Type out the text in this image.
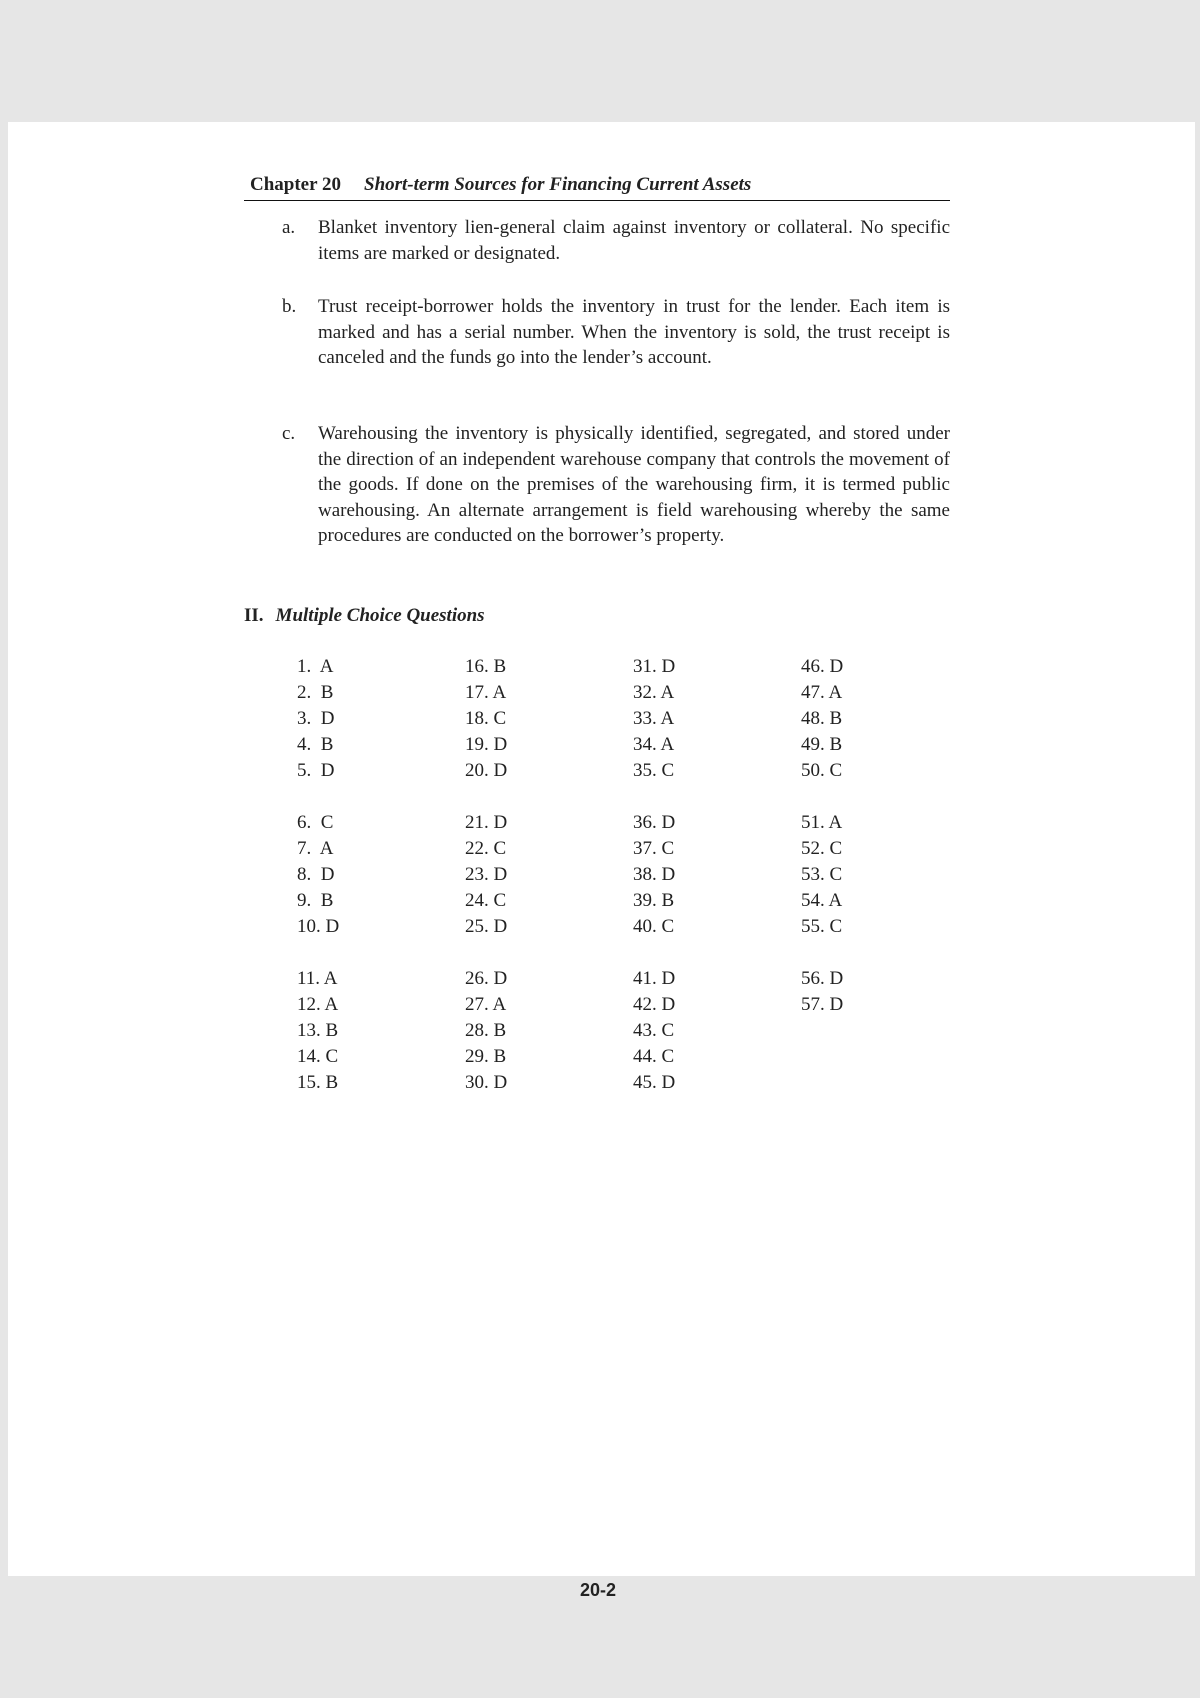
Chapter 20 Short-term Sources for Financing Current Assets
a. Blanket inventory lien-general claim against inventory or collateral. No specific items are marked or designated.
b. Trust receipt-borrower holds the inventory in trust for the lender. Each item is marked and has a serial number. When the inventory is sold, the trust receipt is canceled and the funds go into the lender’s account.
c. Warehousing the inventory is physically identified, segregated, and stored under the direction of an independent warehouse company that controls the movement of the goods. If done on the premises of the warehousing firm, it is termed public warehousing. An alternate arrangement is field warehousing whereby the same procedures are conducted on the borrower’s property.
II. Multiple Choice Questions
1.  A
2.  B
3.  D
4.  B
5.  D
6.  C
7.  A
8.  D
9.  B
10. D
11. A
12. A
13. B
14. C
15. B
16. B
17. A
18. C
19. D
20. D
21. D
22. C
23. D
24. C
25. D
26. D
27. A
28. B
29. B
30. D
31. D
32. A
33. A
34. A
35. C
36. D
37. C
38. D
39. B
40. C
41. D
42. D
43. C
44. C
45. D
46. D
47. A
48. B
49. B
50. C
51. A
52. C
53. C
54. A
55. C
56. D
57. D
20-2
